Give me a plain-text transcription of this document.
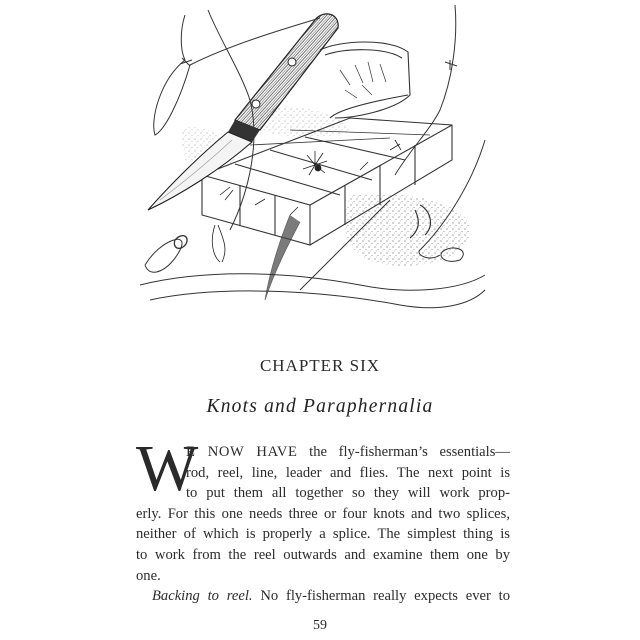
CHAPTER SIX
Knots and Paraphernalia
W
E NOW HAVE the fly-fisherman’s essentials—
rod, reel, line, leader and flies. The next point is
to put them all together so they will work prop-
erly. For this one needs three or four knots and two splices,
neither of which is properly a splice. The simplest thing is
to work from the reel outwards and examine them one by
one.
Backing to reel. No fly-fisherman really expects ever to
59
